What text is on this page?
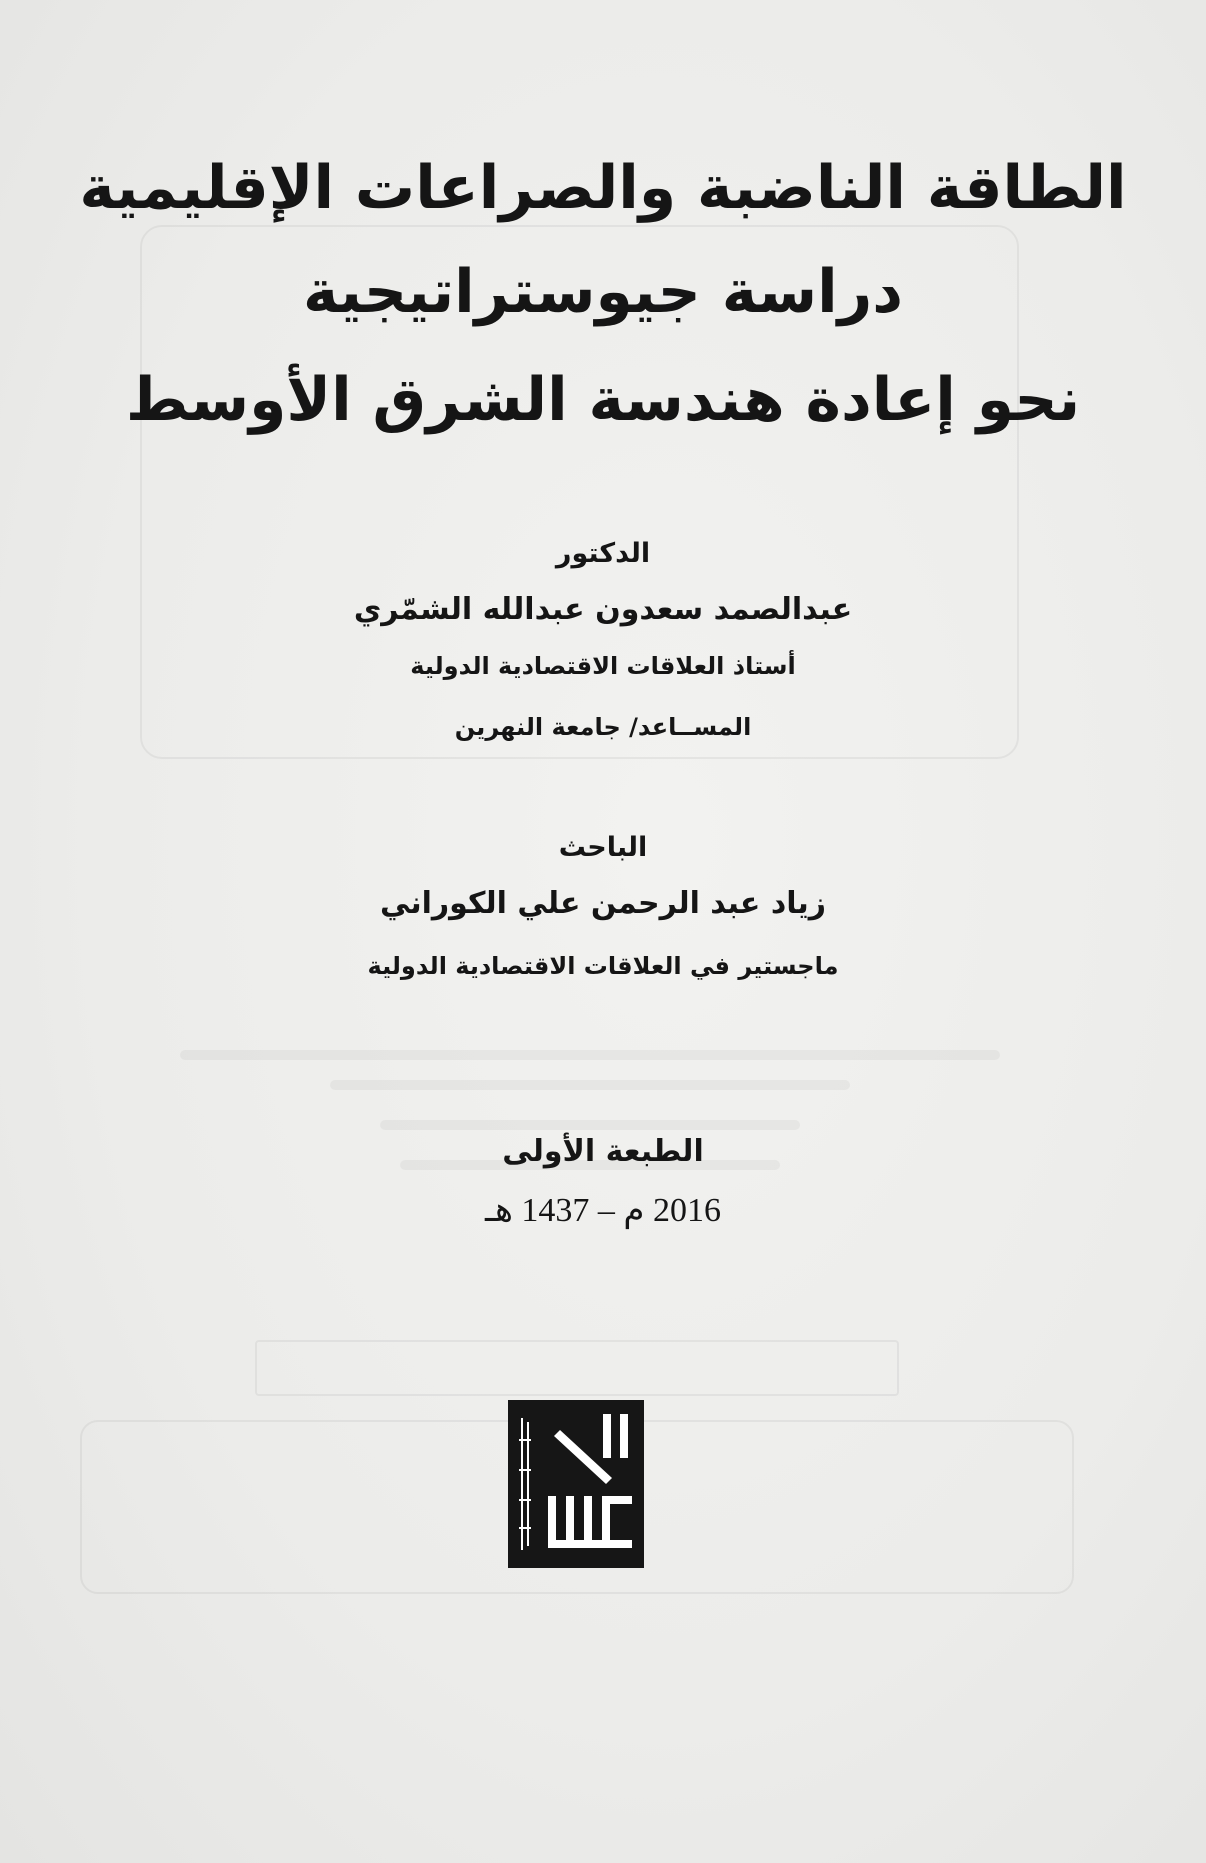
الطاقة الناضبة والصراعات الإقليمية
دراسة جيوستراتيجية
نحو إعادة هندسة الشرق الأوسط
الدكتور
عبدالصمد سعدون عبدالله الشمّري
أستاذ العلاقات الاقتصادية الدولية
المســاعد/ جامعة النهرين
الباحث
زياد عبد الرحمن علي الكوراني
ماجستير في العلاقات الاقتصادية الدولية
الطبعة الأولى
2016 م – 1437 هـ
